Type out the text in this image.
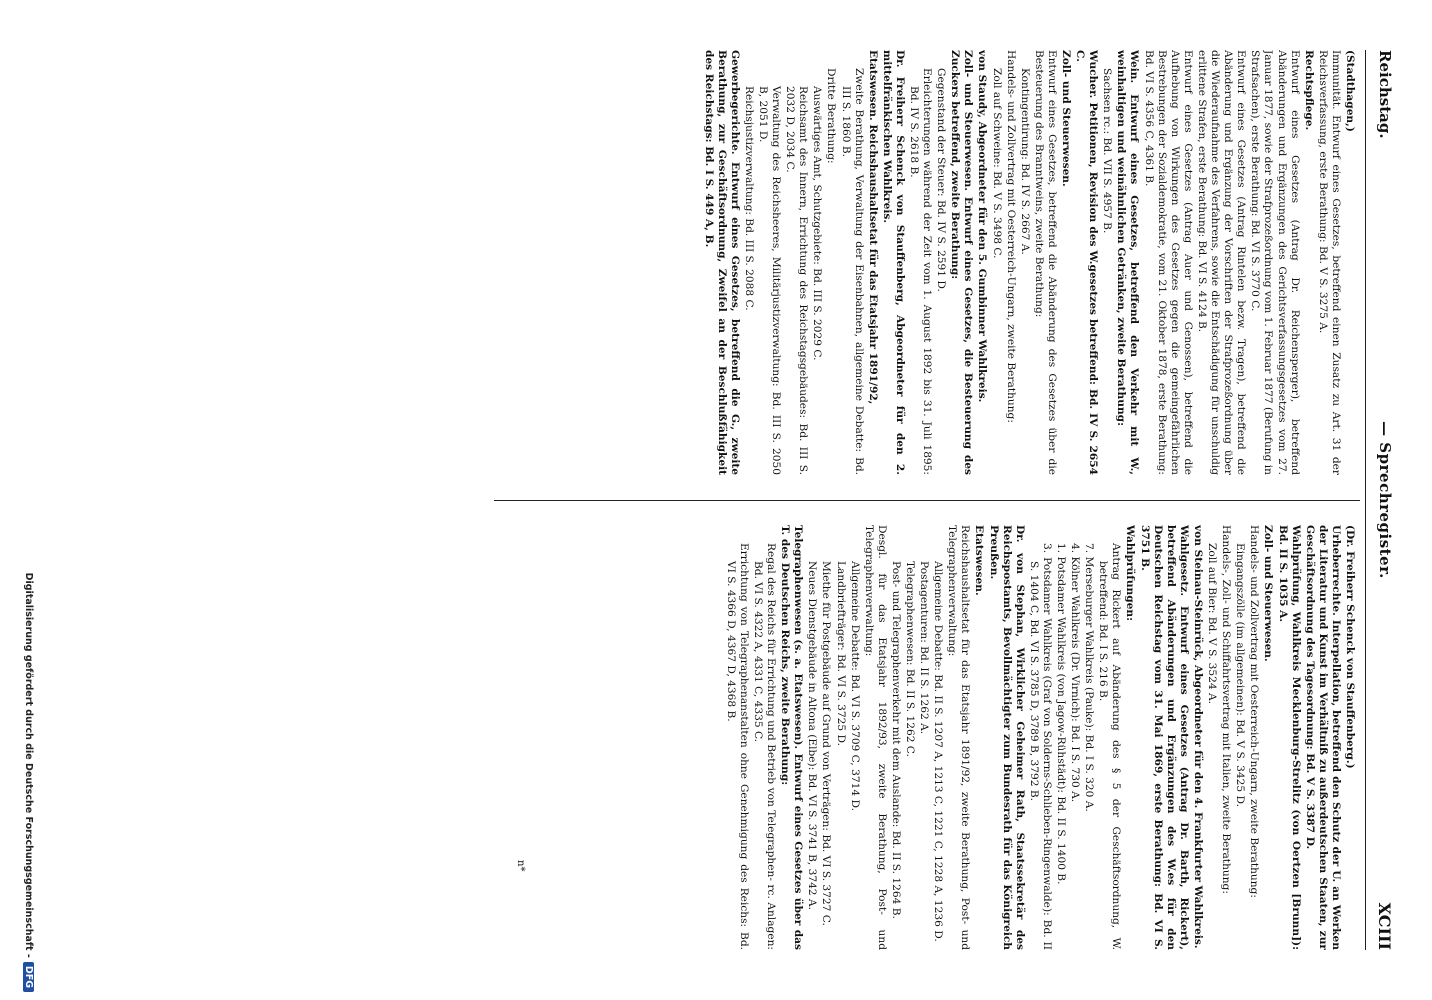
Reichstag.
— Sprechregister.
XCIII
(Stadthagen,)
Immunität. Entwurf eines Gesetzes, betreffend einen Zusatz zu Art. 31 der Reichsverfassung, erste Berathung: Bd. V S. 3275 A.
Rechtspflege.
Entwurf eines Gesetzes (Antrag Dr. Reichensperger), betreffend Abänderungen und Ergänzungen des Gerichtsverfassungsgesetzes vom 27. Januar 1877, sowie der Strafprozeßordnung vom 1. Februar 1877 (Berufung in Strafsachen), erste Berathung: Bd. VI S. 3770 C.
Entwurf eines Gesetzes (Antrag Rintelen bezw. Tragen), betreffend die Abänderung und Ergänzung der Vorschriften der Strafprozeßordnung über die Wiederaufnahme des Verfahrens, sowie die Entschädigung für unschuldig erlittene Strafen, erste Berathung: Bd. VI S. 4124 B.
Entwurf eines Gesetzes (Antrag Auer und Genossen), betreffend die Aufhebung von Wirkungen des Gesetzes gegen die gemeingefährlichen Bestrebungen der Sozialdemokratie, vom 21. Oktober 1878, erste Berathung: Bd. VI S. 4356 C, 4361 B.
Wein. Entwurf eines Gesetzes, betreffend den Verkehr mit W., weinhaltigen und weinähnlichen Getränken, zweite Berathung:
Sachsen rc.: Bd. VII S. 4957 B.
Wucher. Petitionen, Revision des W.gesetzes betreffend: Bd. IV S. 2654 C.
Zoll- und Steuerwesen.
Entwurf eines Gesetzes, betreffend die Abänderung des Gesetzes über die Besteuerung des Branntweins, zweite Berathung:
Kontingentirung: Bd. IV S. 2667 A.
Handels- und Zollvertrag mit Oesterreich-Ungarn, zweite Berathung:
Zoll auf Schweine: Bd. V S. 3498 C.
von Staudy, Abgeordneter für den 5. Gumbinner Wahlkreis.
Zoll- und Steuerwesen. Entwurf eines Gesetzes, die Besteuerung des Zuckers betreffend, zweite Berathung:
Gegenstand der Steuer: Bd. IV S. 2591 D.
Erleichterungen während der Zeit vom 1. August 1892 bis 31. Juli 1895: Bd. IV S. 2618 B.
Dr. Freiherr Schenck von Stauffenberg, Abgeordneter für den 2. mittelfränkischen Wahlkreis.
Etatswesen. Reichshaushaltsetat für das Etatsjahr 1891/92,
Zweite Berathung, Verwaltung der Eisenbahnen, allgemeine Debatte: Bd. III S. 1860 B.
Dritte Berathung:
Auswärtiges Amt, Schutzgebiete: Bd. III S. 2029 C.
Reichsamt des Innern, Errichtung des Reichstagsgebäudes: Bd. III S. 2032 D, 2034 C.
Verwaltung des Reichsheeres, Militärjustizverwaltung: Bd. III S. 2050 B, 2051 D.
Reichsjustizverwaltung: Bd. III S. 2088 C.
Gewerbegerichte. Entwurf eines Gesetzes, betreffend die G., zweite Berathung, zur Geschäftsordnung, Zweifel an der Beschlußfähigkeit des Reichstags: Bd. I S. 449 A, B.
(Dr. Freiherr Schenck von Stauffenberg.)
Urheberrechte. Interpellation, betreffend den Schutz der U. an Werken der Literatur und Kunst im Verhältniß zu außerdeutschen Staaten, zur Geschäftsordnung des Tagesordnung: Bd. V S. 3387 D.
Wahlprüfung, Wahlkreis Mecklenburg-Strelitz (von Oertzen [Brunn]): Bd. II S. 1035 A.
Zoll- und Steuerwesen.
Handels- und Zollvertrag mit Oesterreich-Ungarn, zweite Berathung:
Eingangszölle (im allgemeinen): Bd. V S. 3425 D.
Handels-, Zoll- und Schiffahrtsvertrag mit Italien, zweite Berathung:
Zoll auf Bier: Bd. V S. 3524 A.
von Steinau-Steinrück, Abgeordneter für den 4. Frankfurter Wahlkreis.
Wahlgesetz. Entwurf eines Gesetzes (Antrag Dr. Barth, Rickert), betreffend Abänderungen und Ergänzungen des W.es für den Deutschen Reichstag vom 31. Mai 1869, erste Berathung: Bd. VI S. 3751 B.
Wahlprüfungen:
Antrag Rickert auf Abänderung des § 5 der Geschäftsordnung, W. betreffend: Bd. I S. 216 B.
7. Merseburger Wahlkreis (Pauke): Bd. I S. 320 A.
4. Kölner Wahlkreis (Dr. Virnich): Bd. I S. 730 A.
1. Potsdamer Wahlkreis (von Jagow-Rühstädt): Bd. II S. 1400 B.
3. Potsdamer Wahlkreis (Graf von Solderns-Schlieben-Ringenwalde): Bd. II S. 1404 C, Bd. VI S. 3785 D, 3789 B, 3792 B.
Dr. von Stephan, Wirklicher Geheimer Rath, Staatssekretär des Reichspostamts, Bevollmächtigter zum Bundesrath für das Königreich Preußen.
Etatswesen.
Reichshaushaltsetat für das Etatsjahr 1891/92, zweite Berathung, Post- und Telegraphenverwaltung:
Allgemeine Debatte: Bd. II S. 1207 A, 1213 C, 1221 C, 1228 A, 1236 D.
Postagenturen: Bd. II S. 1262 A.
Telegraphenwesen: Bd. II S. 1262 C.
Post- und Telegraphenverkehr mit dem Auslande: Bd. II S. 1264 B.
Desgl. für das Etatsjahr 1892/93, zweite Berathung, Post- und Telegraphenverwaltung:
Allgemeine Debatte: Bd. VI S. 3709 C, 3714 D.
Landbriefträger: Bd. VI S. 3725 D.
Miethe für Postgebäude auf Grund von Verträgen: Bd. VI S. 3727 C.
Neues Dienstgebäude in Altona (Elbe): Bd. VI S. 3741 B, 3742 A.
Telegraphenwesen (s. a. Etatswesen). Entwurf eines Gesetzes über das T. des Deutschen Reichs, zweite Berathung:
Regal des Reichs für Errichtung und Betrieb von Telegraphen- rc. Anlagen: Bd. VI S. 4322 A, 4331 C, 4335 C.
Errichtung von Telegraphenanstalten ohne Genehmigung des Reichs: Bd. VI S. 4366 D, 4367 D, 4368 B.
n*
Digitalisierung gefördert durch die Deutsche Forschungsgemeinschaft -DFG
